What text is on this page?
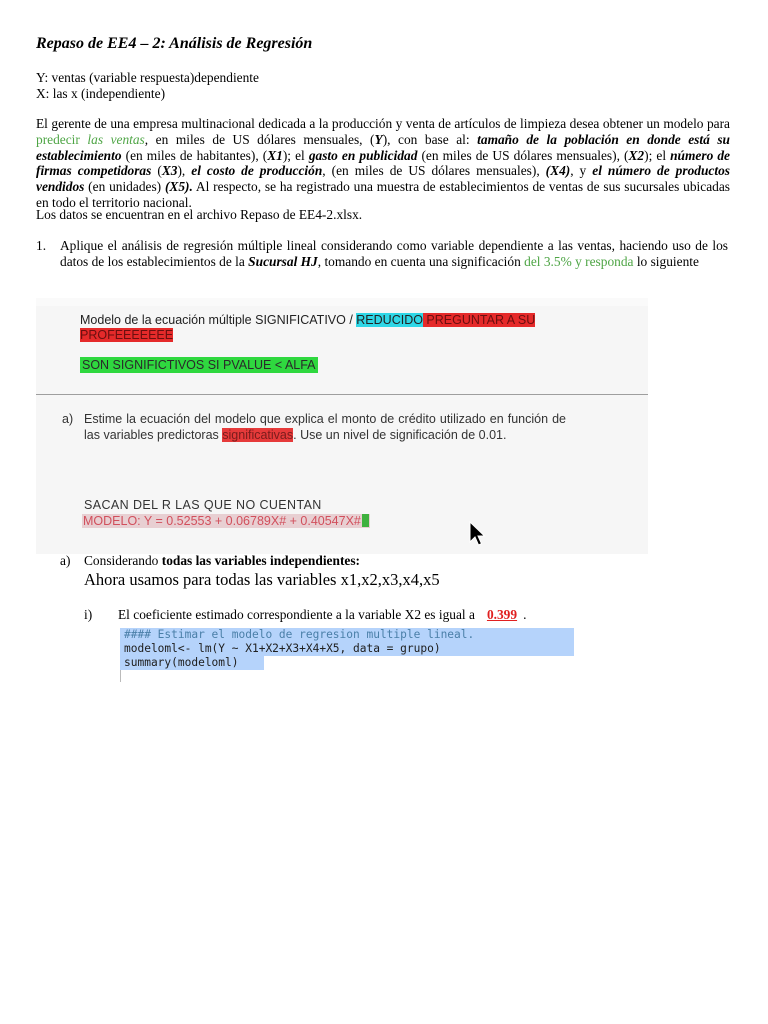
Repaso de EE4 – 2: Análisis de Regresión
Y: ventas (variable respuesta)dependiente
X: las x (independiente)
El gerente de una empresa multinacional dedicada a la producción y venta de artículos de limpieza desea obtener un modelo para predecir las ventas, en miles de US dólares mensuales, (Y), con base al: tamaño de la población en donde está su establecimiento (en miles de habitantes), (X1); el gasto en publicidad (en miles de US dólares mensuales), (X2); el número de firmas competidoras (X3), el costo de producción, (en miles de US dólares mensuales), (X4), y el número de productos vendidos (en unidades) (X5). Al respecto, se ha registrado una muestra de establecimientos de ventas de sus sucursales ubicadas en todo el territorio nacional.
Los datos se encuentran en el archivo Repaso de EE4-2.xlsx.
1. Aplique el análisis de regresión múltiple lineal considerando como variable dependiente a las ventas, haciendo uso de los datos de los establecimientos de la Sucursal HJ, tomando en cuenta una significación del 3.5% y responda lo siguiente
Modelo de la ecuación múltiple SIGNIFICATIVO / REDUCIDO PREGUNTAR A SU PROFEEEEEEE
SON SIGNIFICTIVOS SI PVALUE < ALFA
a) Estime la ecuación del modelo que explica el monto de crédito utilizado en función de las variables predictoras significativas. Use un nivel de significación de 0.01.
SACAN DEL R LAS QUE NO CUENTAN
MODELO: Y = 0.52553 + 0.06789X# + 0.40547X#
a) Considerando todas las variables independientes:
Ahora usamos para todas las variables x1,x2,x3,x4,x5
i) El coeficiente estimado correspondiente a la variable X2 es igual a 0.399 .
#### Estimar el modelo de regresion multiple lineal.
modeloml<- lm(Y ~ X1+X2+X3+X4+X5, data = grupo)
summary(modeloml)
